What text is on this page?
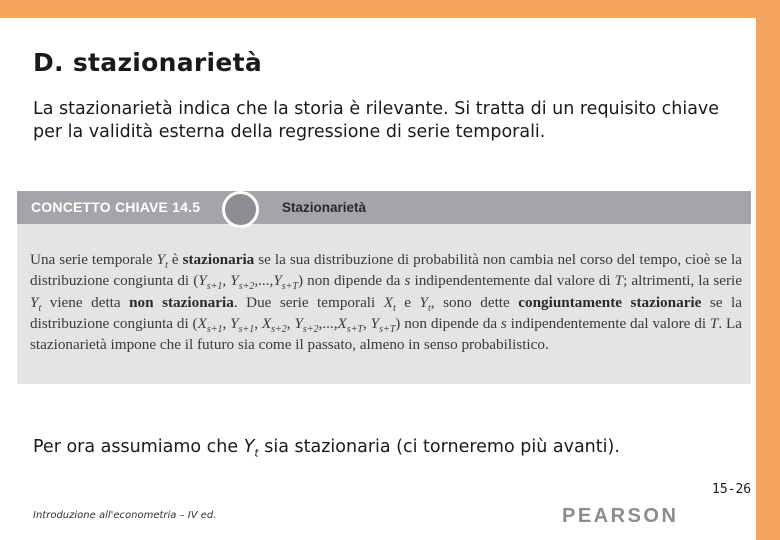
D. stazionarietà
La stazionarietà indica che la storia è rilevante. Si tratta di un requisito chiave per la validità esterna della regressione di serie temporali.
CONCETTO CHIAVE 14.5	Stazionarietà
Una serie temporale $Y_t$ è stazionaria se la sua distribuzione di probabilità non cambia nel corso del tempo, cioè se la distribuzione congiunta di ($Y_{s+1}$, $Y_{s+2},...,Y_{s+T}$) non dipende da s indipendentemente dal valore di T; altrimenti, la serie $Y_t$ viene detta non stazionaria. Due serie temporali $X_t$ e $Y_t$, sono dette congiuntamente stazionarie se la distribuzione congiunta di ($X_{s+1}$, $Y_{s+1}$, $X_{s+2}$, $Y_{s+2},...,X_{s+T}$, $Y_{s+T}$) non dipende da s indipendentemente dal valore di T. La stazionarietà impone che il futuro sia come il passato, almeno in senso probabilistico.
Per ora assumiamo che $Y_t$ sia stazionaria (ci torneremo più avanti).
Introduzione all'econometria – IV ed.	PEARSON
15-26
